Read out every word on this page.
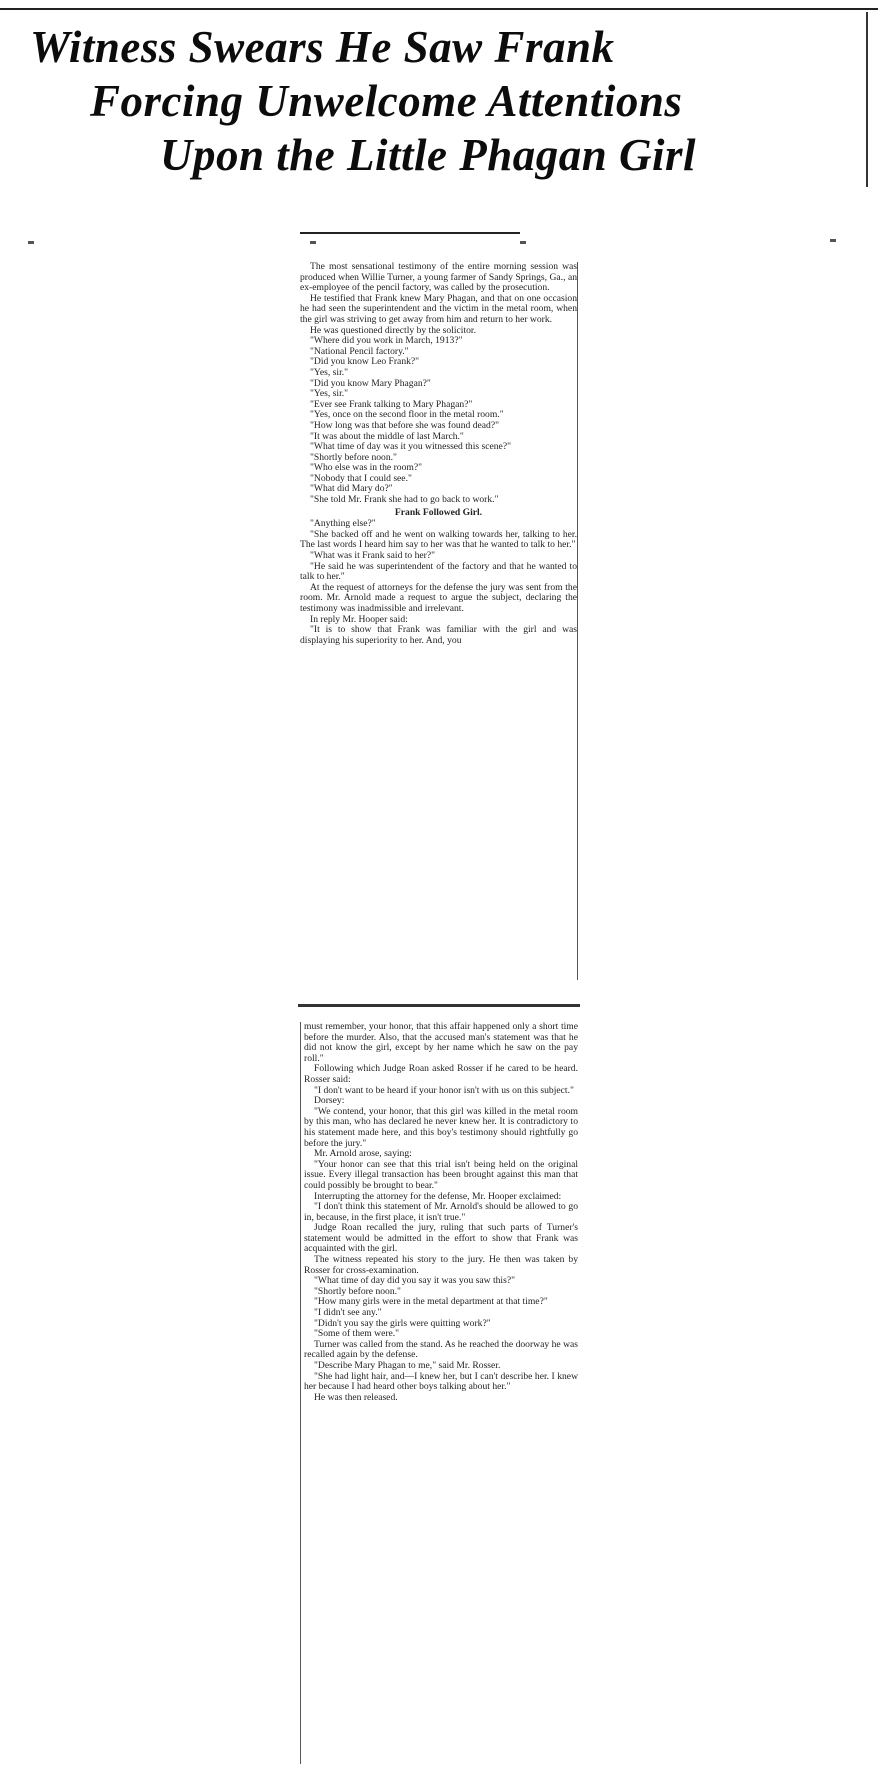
Witness Swears He Saw Frank
Forcing Unwelcome Attentions
Upon the Little Phagan Girl

The most sensational testimony of the entire morning session was produced when Willie Turner, a young farmer of Sandy Springs, Ga., an ex-employee of the pencil factory, was called by the prosecution.

He testified that Frank knew Mary Phagan, and that on one occasion he had seen the superintendent and the victim in the metal room, when the girl was striving to get away from him and return to her work.

He was questioned directly by the solicitor.

"Where did you work in March, 1913?"

"National Pencil factory."

"Did you know Leo Frank?"

"Yes, sir."

"Did you know Mary Phagan?"

"Yes, sir."

"Ever see Frank talking to Mary Phagan?"

"Yes, once on the second floor in the metal room."

"How long was that before she was found dead?"

"It was about the middle of last March."

"What time of day was it you witnessed this scene?"

"Shortly before noon."

"Who else was in the room?"

"Nobody that I could see."

"What did Mary do?"

"She told Mr. Frank she had to go back to work."

Frank Followed Girl.

"Anything else?"

"She backed off and he went on walking towards her, talking to her. The last words I heard him say to her was that he wanted to talk to her."

"What was it Frank said to her?"

"He said he was superintendent of the factory and that he wanted to talk to her."

At the request of attorneys for the defense the jury was sent from the room. Mr. Arnold made a request to argue the subject, declaring the testimony was inadmissible and irrelevant.

In reply Mr. Hooper said:

"It is to show that Frank was familiar with the girl and was displaying his superiority to her. And, you

must remember, your honor, that this affair happened only a short time before the murder. Also, that the accused man's statement was that he did not know the girl, except by her name which he saw on the pay roll."

Following which Judge Roan asked Rosser if he cared to be heard. Rosser said:

"I don't want to be heard if your honor isn't with us on this subject."

Dorsey:

"We contend, your honor, that this girl was killed in the metal room by this man, who has declared he never knew her. It is contradictory to his statement made here, and this boy's testimony should rightfully go before the jury."

Mr. Arnold arose, saying:

"Your honor can see that this trial isn't being held on the original issue. Every illegal transaction has been brought against this man that could possibly be brought to bear."

Interrupting the attorney for the defense, Mr. Hooper exclaimed:

"I don't think this statement of Mr. Arnold's should be allowed to go in, because, in the first place, it isn't true."

Judge Roan recalled the jury, ruling that such parts of Turner's statement would be admitted in the effort to show that Frank was acquainted with the girl.

The witness repeated his story to the jury. He then was taken by Rosser for cross-examination.

"What time of day did you say it was you saw this?"

"Shortly before noon."

"How many girls were in the metal department at that time?"

"I didn't see any."

"Didn't you say the girls were quitting work?"

"Some of them were."

Turner was called from the stand. As he reached the doorway he was recalled again by the defense.

"Describe Mary Phagan to me," said Mr. Rosser.

"She had light hair, and—I knew her, but I can't describe her. I knew her because I had heard other boys talking about her."

He was then released.
